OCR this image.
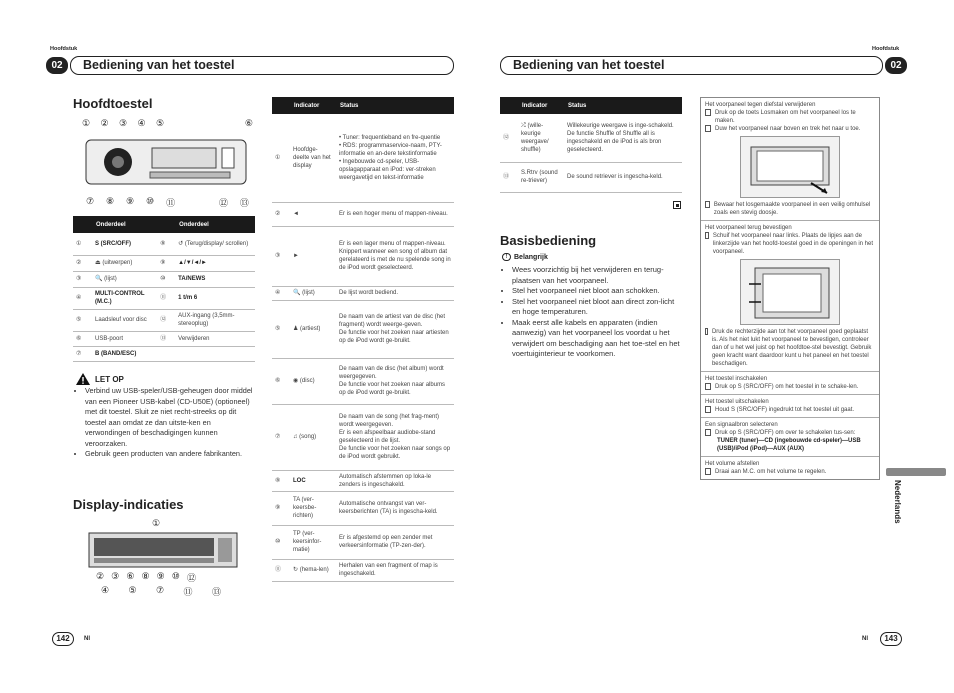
Hoofdstuk	Hoofdstuk
02	Bediening van het toestel	Bediening van het toestel	02
Hoofdtoestel
① ② ③ ④ ⑤	⑥
⑦ ⑧ ⑨ ⑩ ⑪	⑫ ⑬
	Onderdeel		Onderdeel
①	S (SRC/OFF)	⑧	↺ (Terug/display/ scrollen)
②	⏏ (uitwerpen)	⑨	▲/▼/◄/►
③	🔍 (lijst)	⑩	TA/NEWS
④	MULTI-CONTROL (M.C.)	⑪	1 t/m 6
⑤	Laadsleuf voor disc	⑫	AUX-ingang (3,5mm-stereoplug)
⑥	USB-poort	⑬	Verwijderen
⑦	B (BAND/ESC)		
LET OP
• Verbind uw USB-speler/USB-geheugen door middel van een Pioneer USB-kabel (CD-U50E) (optioneel) met dit toestel. Sluit ze niet recht-streeks op dit toestel aan omdat ze dan uitste-ken en verwondingen of beschadigingen kunnen veroorzaken.
• Gebruik geen producten van andere fabrikanten.
Display-indicaties
①
② ③ ⑥ ⑧ ⑨ ⑩ ⑫
④ ⑤ ⑦ ⑪ ⑬
142	Nl
	Indicator	Status
①	Hoofdge-deelte van het display	• Tuner: frequentieband en fre-quentie
• RDS: programmaservice-naam, PTY-informatie en an-dere tekstinformatie
• Ingebouwde cd-speler, USB-opslagapparaat en iPod: ver-streken weergavetijd en tekst-informatie
②	◄	Er is een hoger menu of mappen-niveau.
③	►	Er is een lager menu of mappen-niveau.
Knippert wanneer een song of album dat gerelateerd is met de nu spelende song in de iPod wordt geselecteerd.
④	🔍 (lijst)	De lijst wordt bediend.
⑤	♟ (artiest)	De naam van de artiest van de disc (het fragment) wordt weerge-geven.
De functie voor het zoeken naar artiesten op de iPod wordt ge-bruikt.
⑥	◉ (disc)	De naam van de disc (het album) wordt weergegeven.
De functie voor het zoeken naar albums op de iPod wordt ge-bruikt.
⑦	♫ (song)	De naam van de song (het frag-ment) wordt weergegeven.
Er is een afspeelbaar audiobe-stand geselecteerd in de lijst.
De functie voor het zoeken naar songs op de iPod wordt gebruikt.
⑧	LOC	Automatisch afstemmen op loka-le zenders is ingeschakeld.
⑨	TA (ver-keersbe-richten)	Automatische ontvangst van ver-keersberichten (TA) is ingescha-keld.
⑩	TP (ver-keersinfor-matie)	Er is afgestemd op een zender met verkeersinformatie (TP-zen-der).
⑪	↻ (hema-len)	Herhalen van een fragment of map is ingeschakeld.
	Indicator	Status
⑫	⤮ (wille-keurige weergave/ shuffle)	Willekeurige weergave is inge-schakeld.
De functie Shuffle of Shuffle all is ingeschakeld en de iPod is als bron geselecteerd.
⑬	S.Rtrv (sound re-triever)	De sound retriever is ingescha-keld.
Basisbediening
! Belangrijk
• Wees voorzichtig bij het verwijderen en terug-plaatsen van het voorpaneel.
• Stel het voorpaneel niet bloot aan schokken.
• Stel het voorpaneel niet bloot aan direct zon-licht en hoge temperaturen.
• Maak eerst alle kabels en apparaten (indien aanwezig) van het voorpaneel los voordat u het verwijdert om beschadiging aan het toe-stel en het voertuiginterieur te voorkomen.
Het voorpaneel tegen diefstal verwijderen
Druk op de toets Losmaken om het voorpaneel los te maken.
Duw het voorpaneel naar boven en trek het naar u toe.
Bewaar het losgemaakte voorpaneel in een veilig omhulsel zoals een stevig doosje.
Het voorpaneel terug bevestigen
Schuif het voorpaneel naar links. Plaats de lipjes aan de linkerzijde van het hoofd-toestel goed in de openingen in het voorpaneel.
Druk de rechterzijde aan tot het voorpaneel goed geplaatst is. Als het niet lukt het voorpaneel te bevestigen, controleer dan of u het wel juist op het hoofdtoe-stel bevestigt. Gebruik geen kracht want daardoor kunt u het paneel en het toestel beschadigen.
Het toestel inschakelen
Druk op S (SRC/OFF) om het toestel in te schake-len.
Het toestel uitschakelen
Houd S (SRC/OFF) ingedrukt tot het toestel uit gaat.
Een signaalbron selecteren
Druk op S (SRC/OFF) om over te schakelen tus-sen:
TUNER (tuner)—CD (ingebouwde cd-speler)—USB (USB)/iPod (iPod)—AUX (AUX)
Het volume afstellen
Draai aan M.C. om het volume te regelen.
Nederlands
Nl	143
